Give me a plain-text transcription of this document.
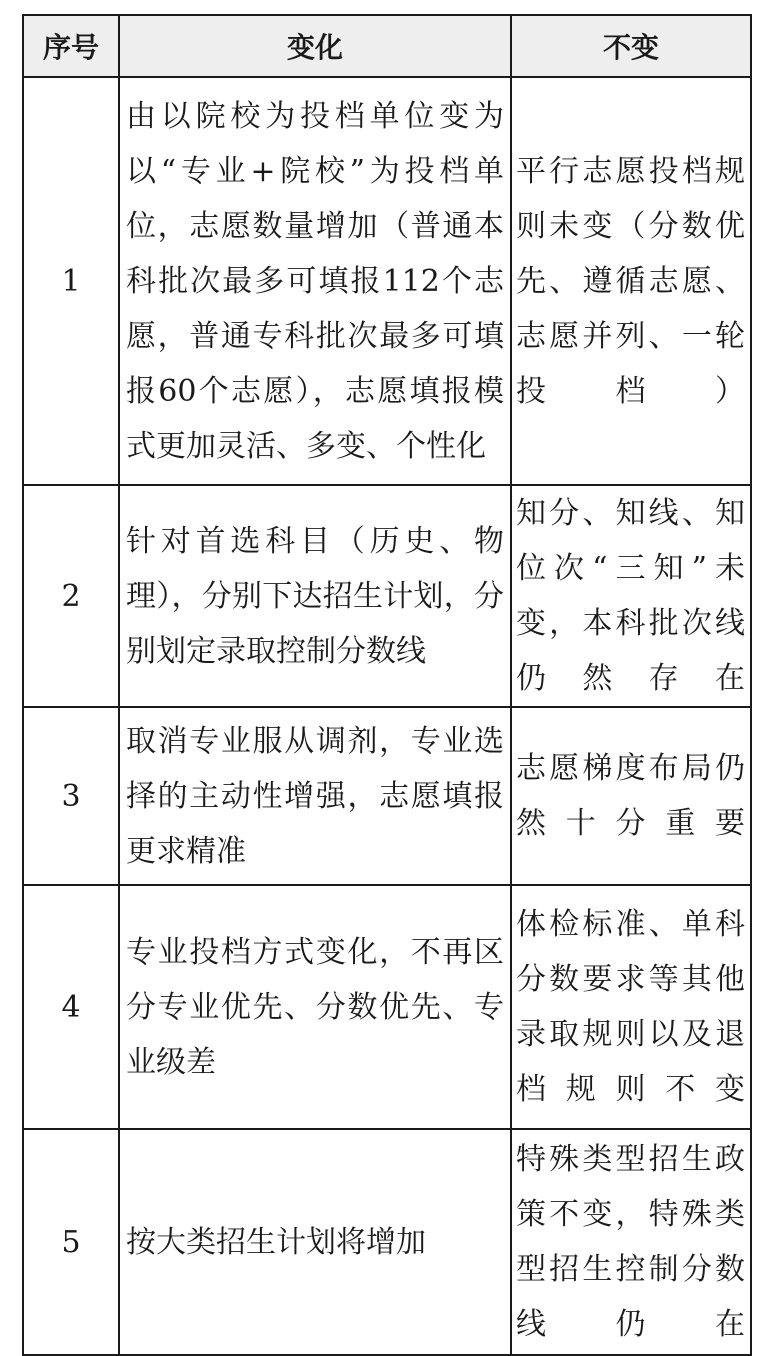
序号	变化	不变
1	由以院校为投档单位变为以“专业+院校”为投档单位，志愿数量增加（普通本科批次最多可填报112个志愿，普通专科批次最多可填报60个志愿），志愿填报模式更加灵活、多变、个性化	平行志愿投档规则未变（分数优先、遵循志愿、志愿并列、一轮投档）
2	针对首选科目（历史、物理），分别下达招生计划，分别划定录取控制分数线	知分、知线、知位次“三知”未变，本科批次线仍然存在
3	取消专业服从调剂，专业选择的主动性增强，志愿填报更求精准	志愿梯度布局仍然十分重要
4	专业投档方式变化，不再区分专业优先、分数优先、专业级差	体检标准、单科分数要求等其他录取规则以及退档规则不变
5	按大类招生计划将增加	特殊类型招生政策不变，特殊类型招生控制分数线仍在
